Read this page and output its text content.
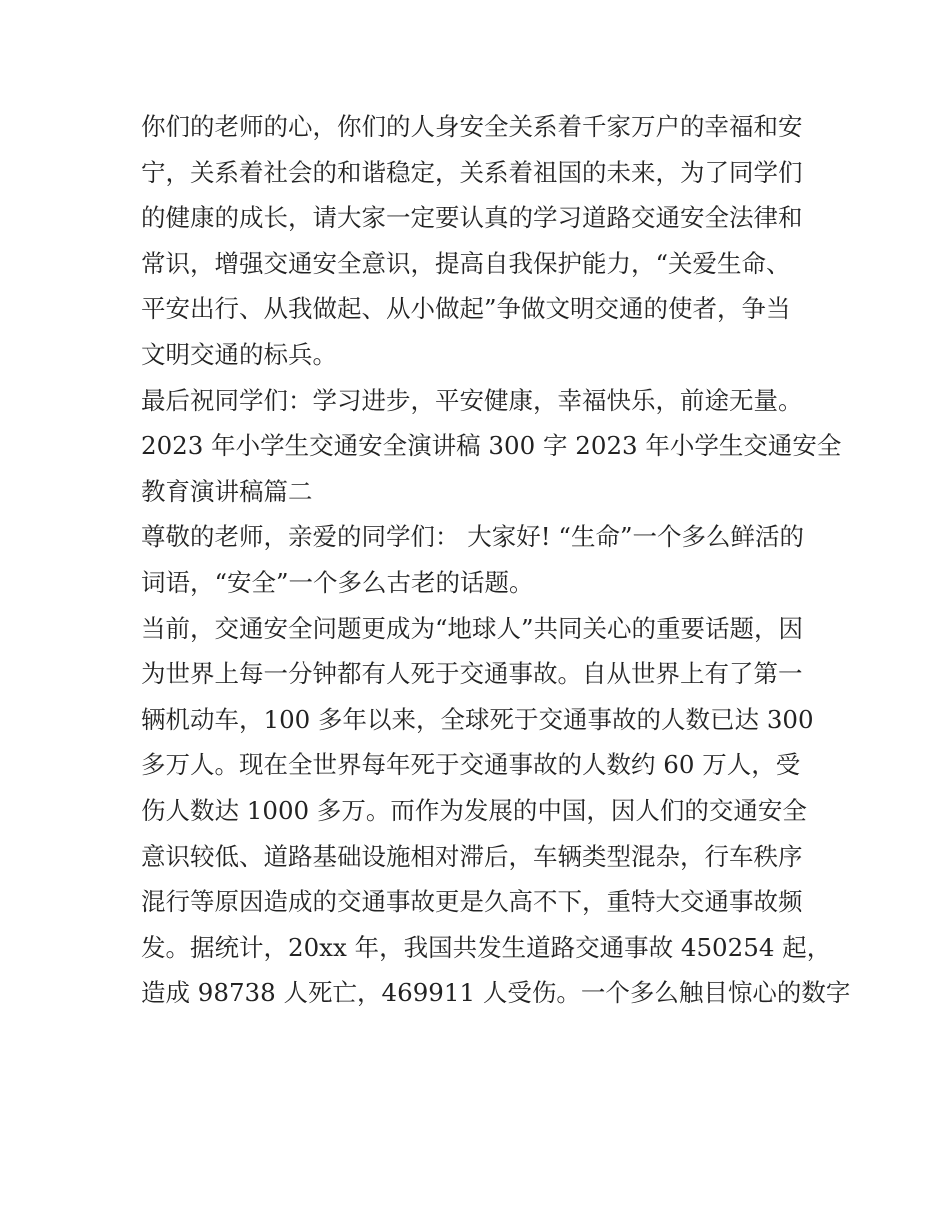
你们的老师的心，你们的人身安全关系着千家万户的幸福和安
宁，关系着社会的和谐稳定，关系着祖国的未来，为了同学们
的健康的成长，请大家一定要认真的学习道路交通安全法律和
常识，增强交通安全意识，提高自我保护能力，“关爱生命、
平安出行、从我做起、从小做起”争做文明交通的使者，争当
文明交通的标兵。
最后祝同学们：学习进步，平安健康，幸福快乐，前途无量。
2023 年小学生交通安全演讲稿 300 字 2023 年小学生交通安全
教育演讲稿篇二
尊敬的老师，亲爱的同学们： 大家好! “生命”一个多么鲜活的
词语，“安全”一个多么古老的话题。
当前，交通安全问题更成为“地球人”共同关心的重要话题，因
为世界上每一分钟都有人死于交通事故。自从世界上有了第一
辆机动车，100 多年以来，全球死于交通事故的人数已达 300
多万人。现在全世界每年死于交通事故的人数约 60 万人，受
伤人数达 1000 多万。而作为发展的中国，因人们的交通安全
意识较低、道路基础设施相对滞后，车辆类型混杂，行车秩序
混行等原因造成的交通事故更是久高不下，重特大交通事故频
发。据统计，20xx 年，我国共发生道路交通事故 450254 起，
造成 98738 人死亡，469911 人受伤。一个多么触目惊心的数字
